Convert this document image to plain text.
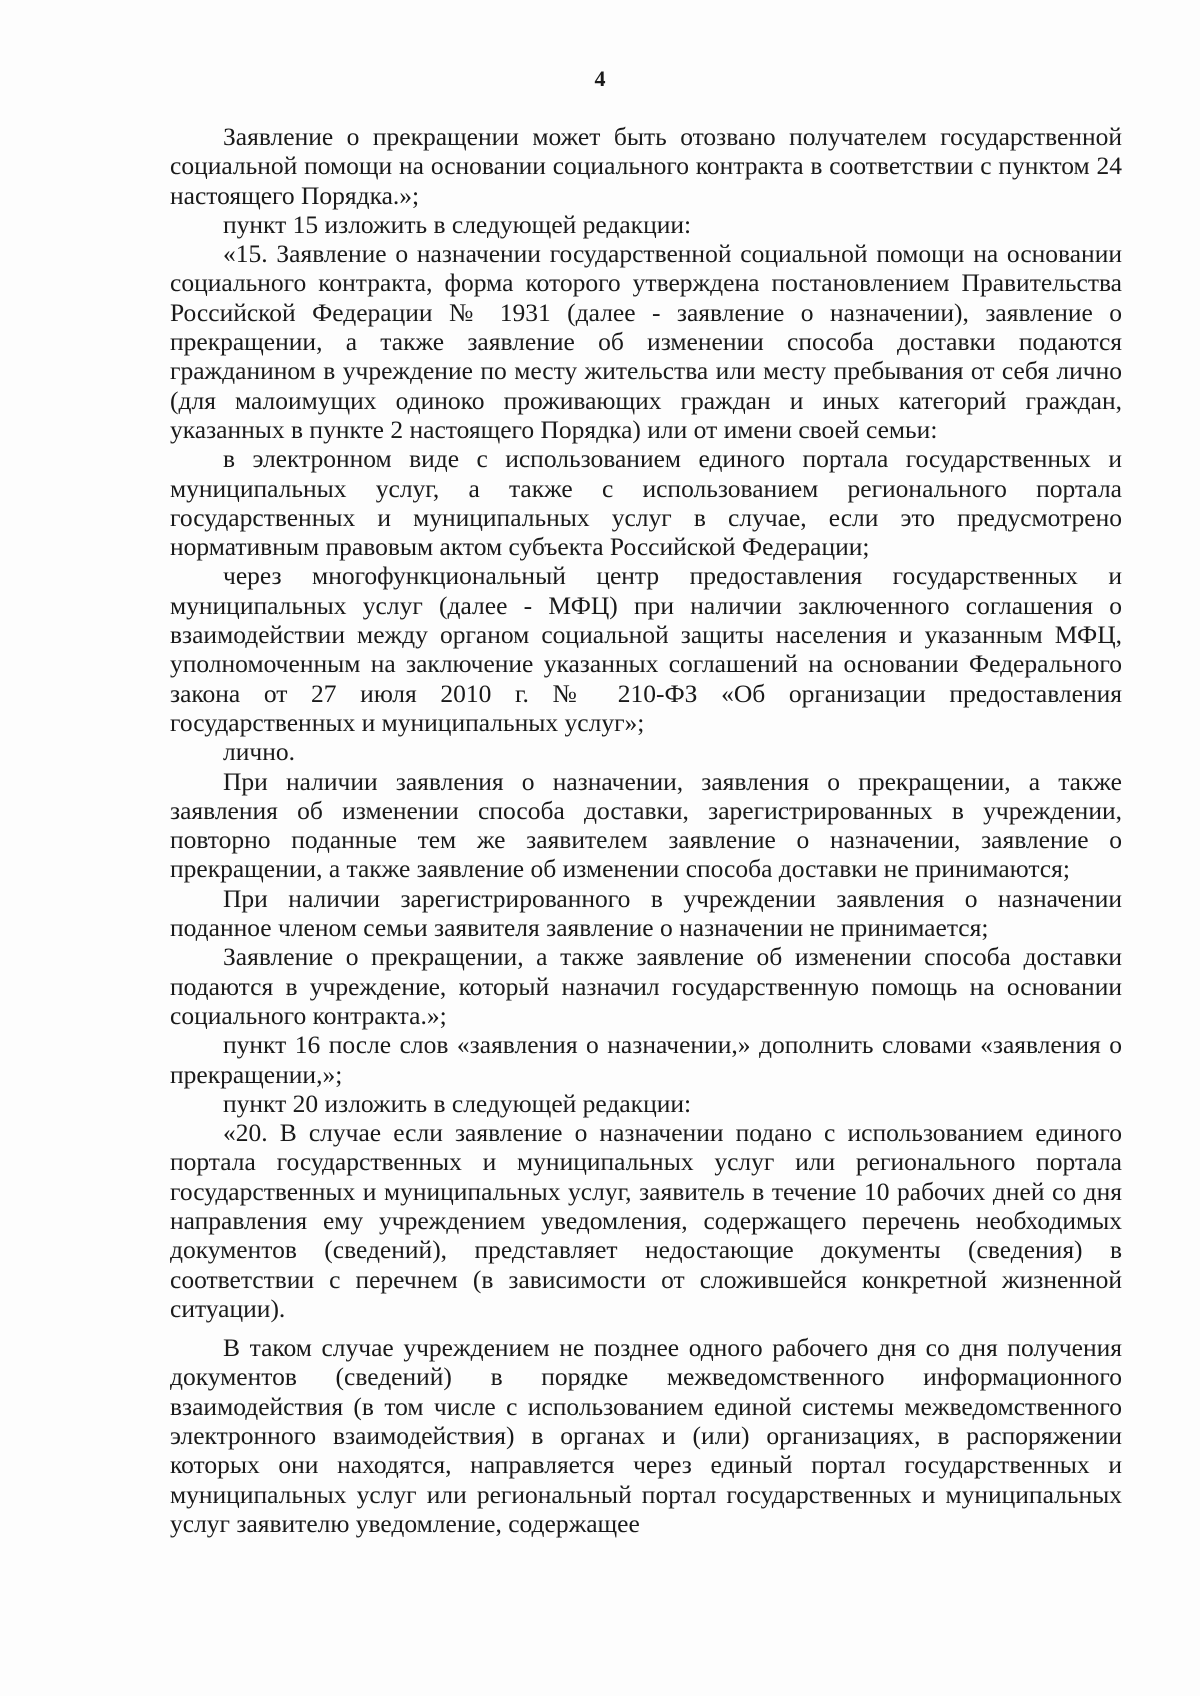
4

Заявление о прекращении может быть отозвано получателем государственной социальной помощи на основании социального контракта в соответствии с пунктом 24 настоящего Порядка.»;

пункт 15 изложить в следующей редакции:

«15. Заявление о назначении государственной социальной помощи на основании социального контракта, форма которого утверждена постановлением Правительства Российской Федерации № 1931 (далее - заявление о назначении), заявление о прекращении, а также заявление об изменении способа доставки подаются гражданином в учреждение по месту жительства или месту пребывания от себя лично (для малоимущих одиноко проживающих граждан и иных категорий граждан, указанных в пункте 2 настоящего Порядка) или от имени своей семьи:

в электронном виде с использованием единого портала государственных и муниципальных услуг, а также с использованием регионального портала государственных и муниципальных услуг в случае, если это предусмотрено нормативным правовым актом субъекта Российской Федерации;

через многофункциональный центр предоставления государственных и муниципальных услуг (далее - МФЦ) при наличии заключенного соглашения о взаимодействии между органом социальной защиты населения и указанным МФЦ, уполномоченным на заключение указанных соглашений на основании Федерального закона от 27 июля 2010 г. № 210-ФЗ «Об организации предоставления государственных и муниципальных услуг»;

лично.

При наличии заявления о назначении, заявления о прекращении, а также заявления об изменении способа доставки, зарегистрированных в учреждении, повторно поданные тем же заявителем заявление о назначении, заявление о прекращении, а также заявление об изменении способа доставки не принимаются;

При наличии зарегистрированного в учреждении заявления о назначении поданное членом семьи заявителя заявление о назначении не принимается;

Заявление о прекращении, а также заявление об изменении способа доставки подаются в учреждение, который назначил государственную помощь на основании социального контракта.»;

пункт 16 после слов «заявления о назначении,» дополнить словами «заявления о прекращении,»;

пункт 20 изложить в следующей редакции:

«20. В случае если заявление о назначении подано с использованием единого портала государственных и муниципальных услуг или регионального портала государственных и муниципальных услуг, заявитель в течение 10 рабочих дней со дня направления ему учреждением уведомления, содержащего перечень необходимых документов (сведений), представляет недостающие документы (сведения) в соответствии с перечнем (в зависимости от сложившейся конкретной жизненной ситуации).

В таком случае учреждением не позднее одного рабочего дня со дня получения документов (сведений) в порядке межведомственного информационного взаимодействия (в том числе с использованием единой системы межведомственного электронного взаимодействия) в органах и (или) организациях, в распоряжении которых они находятся, направляется через единый портал государственных и муниципальных услуг или региональный портал государственных и муниципальных услуг заявителю уведомление, содержащее
